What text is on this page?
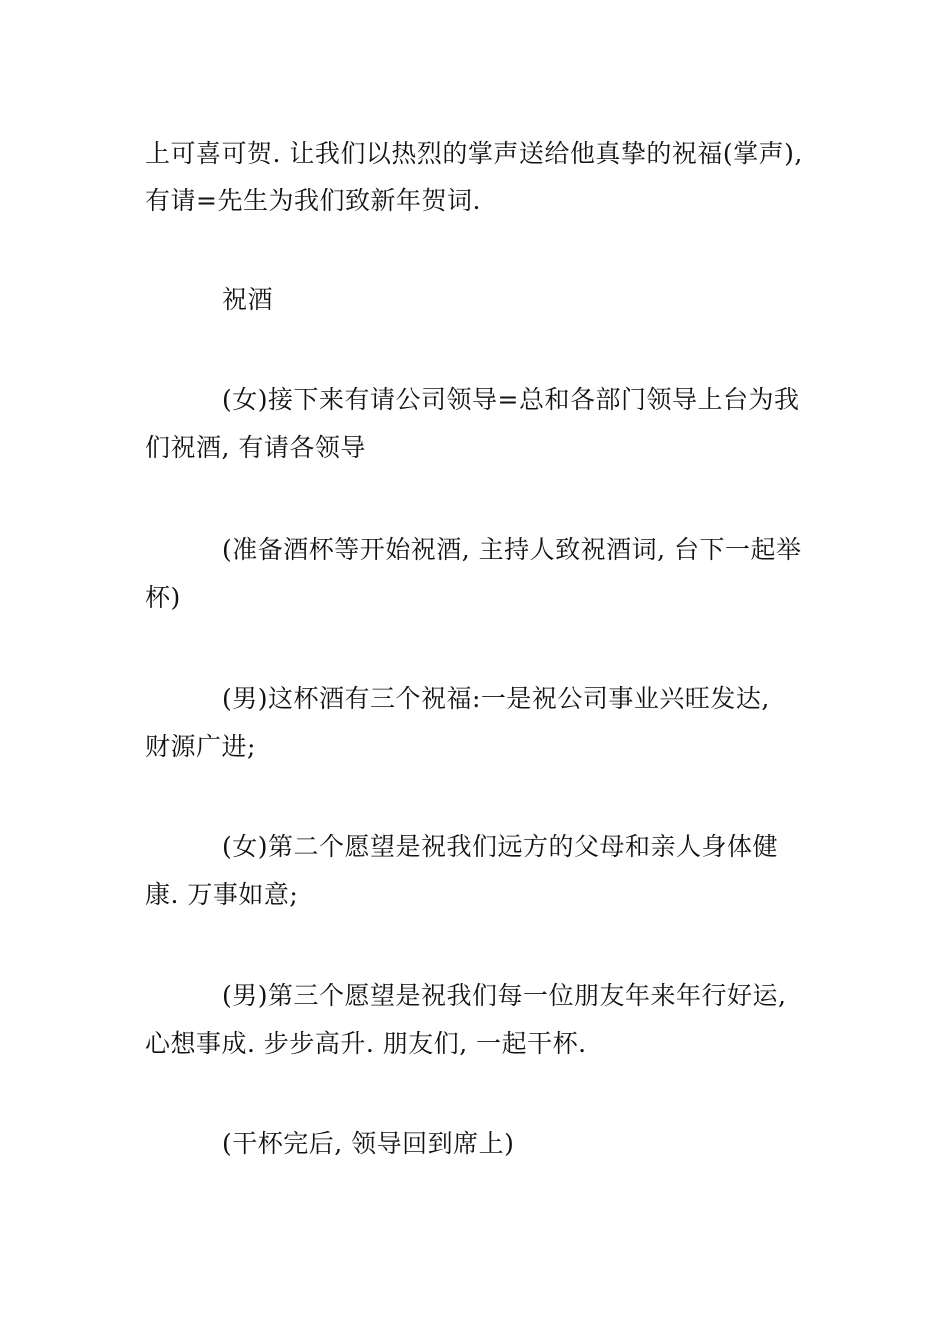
上可喜可贺. 让我们以热烈的掌声送给他真挚的祝福(掌声),
有请=先生为我们致新年贺词.
祝酒
(女)接下来有请公司领导=总和各部门领导上台为我
们祝酒, 有请各领导
(准备酒杯等开始祝酒, 主持人致祝酒词, 台下一起举
杯)
(男)这杯酒有三个祝福:一是祝公司事业兴旺发达,
财源广进;
(女)第二个愿望是祝我们远方的父母和亲人身体健
康. 万事如意;
(男)第三个愿望是祝我们每一位朋友年来年行好运,
心想事成. 步步高升. 朋友们, 一起干杯.
(干杯完后, 领导回到席上)
